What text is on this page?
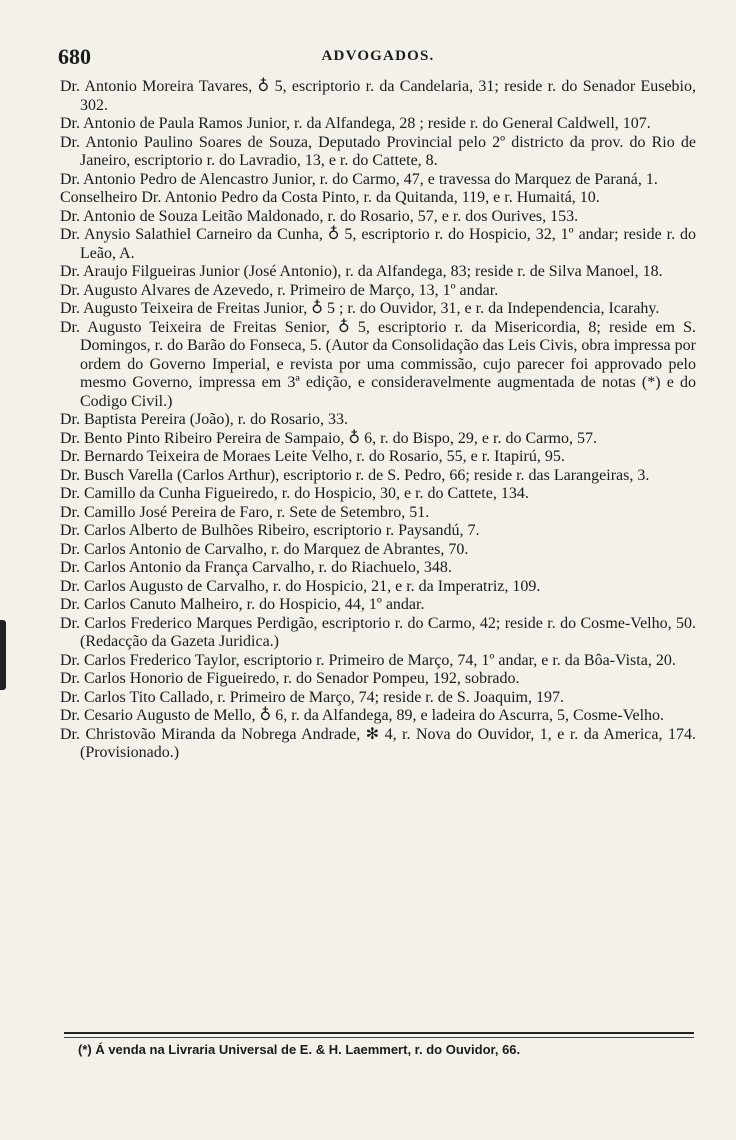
680	ADVOGADOS.

Dr. Antonio Moreira Tavares, ♁ 5, escriptorio r. da Candelaria, 31; reside r. do Senador Eusebio, 302.

Dr. Antonio de Paula Ramos Junior, r. da Alfandega, 28 ; reside r. do General Caldwell, 107.

Dr. Antonio Paulino Soares de Souza, Deputado Provincial pelo 2º districto da prov. do Rio de Janeiro, escriptorio r. do Lavradio, 13, e r. do Cattete, 8.

Dr. Antonio Pedro de Alencastro Junior, r. do Carmo, 47, e travessa do Marquez de Paraná, 1.

Conselheiro Dr. Antonio Pedro da Costa Pinto, r. da Quitanda, 119, e r. Humaitá, 10.

Dr. Antonio de Souza Leitão Maldonado, r. do Rosario, 57, e r. dos Ourives, 153.

Dr. Anysio Salathiel Carneiro da Cunha, ♁ 5, escriptorio r. do Hospicio, 32, 1º andar; reside r. do Leão, A.

Dr. Araujo Filgueiras Junior (José Antonio), r. da Alfandega, 83; reside r. de Silva Manoel, 18.

Dr. Augusto Alvares de Azevedo, r. Primeiro de Março, 13, 1º andar.

Dr. Augusto Teixeira de Freitas Junior, ♁ 5 ; r. do Ouvidor, 31, e r. da Independencia, Icarahy.

Dr. Augusto Teixeira de Freitas Senior, ♁ 5, escriptorio r. da Misericordia, 8; reside em S. Domingos, r. do Barão do Fonseca, 5. (Autor da Consolidação das Leis Civis, obra impressa por ordem do Governo Imperial, e revista por uma commissão, cujo parecer foi approvado pelo mesmo Governo, impressa em 3ª edição, e consideravelmente augmentada de notas (*) e do Codigo Civil.)

Dr. Baptista Pereira (João), r. do Rosario, 33.

Dr. Bento Pinto Ribeiro Pereira de Sampaio, ♁ 6, r. do Bispo, 29, e r. do Carmo, 57.

Dr. Bernardo Teixeira de Moraes Leite Velho, r. do Rosario, 55, e r. Itapirú, 95.

Dr. Busch Varella (Carlos Arthur), escriptorio r. de S. Pedro, 66; reside r. das Larangeiras, 3.

Dr. Camillo da Cunha Figueiredo, r. do Hospicio, 30, e r. do Cattete, 134.

Dr. Camillo José Pereira de Faro, r. Sete de Setembro, 51.

Dr. Carlos Alberto de Bulhões Ribeiro, escriptorio r. Paysandú, 7.

Dr. Carlos Antonio de Carvalho, r. do Marquez de Abrantes, 70.

Dr. Carlos Antonio da França Carvalho, r. do Riachuelo, 348.

Dr. Carlos Augusto de Carvalho, r. do Hospicio, 21, e r. da Imperatriz, 109.

Dr. Carlos Canuto Malheiro, r. do Hospicio, 44, 1º andar.

Dr. Carlos Frederico Marques Perdigão, escriptorio r. do Carmo, 42; reside r. do Cosme-Velho, 50. (Redacção da Gazeta Juridica.)

Dr. Carlos Frederico Taylor, escriptorio r. Primeiro de Março, 74, 1º andar, e r. da Bôa-Vista, 20.

Dr. Carlos Honorio de Figueiredo, r. do Senador Pompeu, 192, sobrado.

Dr. Carlos Tito Callado, r. Primeiro de Março, 74; reside r. de S. Joaquim, 197.

Dr. Cesario Augusto de Mello, ♁ 6, r. da Alfandega, 89, e ladeira do Ascurra, 5, Cosme-Velho.

Dr. Christovão Miranda da Nobrega Andrade, ✻ 4, r. Nova do Ouvidor, 1, e r. da America, 174. (Provisionado.)

(*) Á venda na Livraria Universal de E. & H. Laemmert, r. do Ouvidor, 66.
